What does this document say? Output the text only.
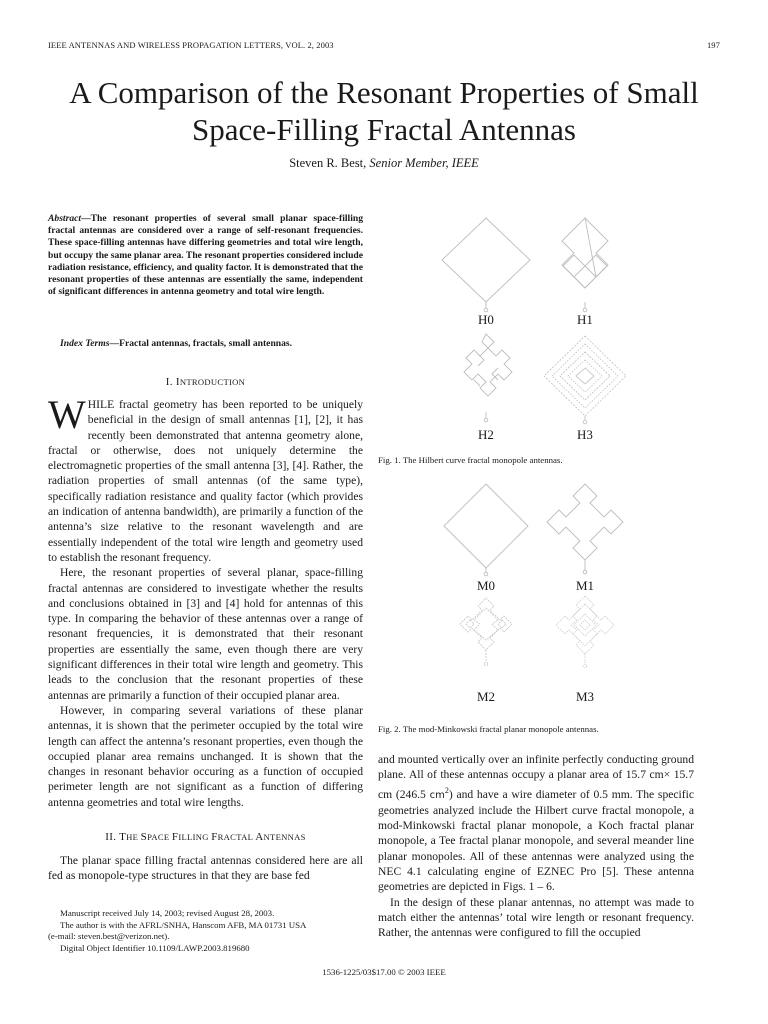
IEEE ANTENNAS AND WIRELESS PROPAGATION LETTERS, VOL. 2, 2003	197
A Comparison of the Resonant Properties of Small
Space-Filling Fractal Antennas
Steven R. Best, Senior Member, IEEE
Abstract—The resonant properties of several small planar space-filling fractal antennas are considered over a range of self-resonant frequencies. These space-filling antennas have differing geometries and total wire length, but occupy the same planar area. The resonant properties considered include radiation resistance, efficiency, and quality factor. It is demonstrated that the resonant properties of these antennas are essentially the same, independent of significant differences in antenna geometry and total wire length.
Index Terms—Fractal antennas, fractals, small antennas.
I. INTRODUCTION

WHILE fractal geometry has been reported to be uniquely beneficial in the design of small antennas [1], [2], it has recently been demonstrated that antenna geometry alone, fractal or otherwise, does not uniquely determine the electromagnetic properties of the small antenna [3], [4]. Rather, the radiation properties of small antennas (of the same type), specifically radiation resistance and quality factor (which provides an indication of antenna bandwidth), are primarily a function of the antenna’s size relative to the resonant wavelength and are essentially independent of the total wire length and geometry used to establish the resonant frequency.

Here, the resonant properties of several planar, space-filling fractal antennas are considered to investigate whether the results and conclusions obtained in [3] and [4] hold for antennas of this type. In comparing the behavior of these antennas over a range of resonant frequencies, it is demonstrated that their resonant properties are essentially the same, even though there are very significant differences in their total wire length and geometry. This leads to the conclusion that the resonant properties of these antennas are primarily a function of their occupied planar area.

However, in comparing several variations of these planar antennas, it is shown that the perimeter occupied by the total wire length can affect the antenna’s resonant properties, even though the occupied planar area remains unchanged. It is shown that the changes in resonant behavior occuring as a function of occupied perimeter length are not significant as a function of differing antenna geometries and total wire lengths.

II. THE SPACE FILLING FRACTAL ANTENNAS

The planar space filling fractal antennas considered here are all fed as monopole-type structures in that they are base fed

Manuscript received July 14, 2003; revised August 28, 2003.
The author is with the AFRL/SNHA, Hanscom AFB, MA 01731 USA
(e-mail: steven.best@verizon.net).
Digital Object Identifier 10.1109/LAWP.2003.819680
H0	H1
H2	H3
Fig. 1. The Hilbert curve fractal monopole antennas.
M0	M1
M2	M3
Fig. 2. The mod-Minkowski fractal planar monopole antennas.

and mounted vertically over an infinite perfectly conducting ground plane. All of these antennas occupy a planar area of 15.7 cm× 15.7 cm (246.5 $cm^2$) and have a wire diameter of 0.5 mm. The specific geometries analyzed include the Hilbert curve fractal monopole, a mod-Minkowski fractal planar monopole, a Koch fractal planar monopole, a Tee fractal planar monopole, and several meander line planar monopoles. All of these antennas were analyzed using the NEC 4.1 calculating engine of EZNEC Pro [5]. These antenna geometries are depicted in Figs. 1 – 6.

In the design of these planar antennas, no attempt was made to match either the antennas’ total wire length or resonant frequency. Rather, the antennas were configured to fill the occupied

1536-1225/03$17.00 © 2003 IEEE
